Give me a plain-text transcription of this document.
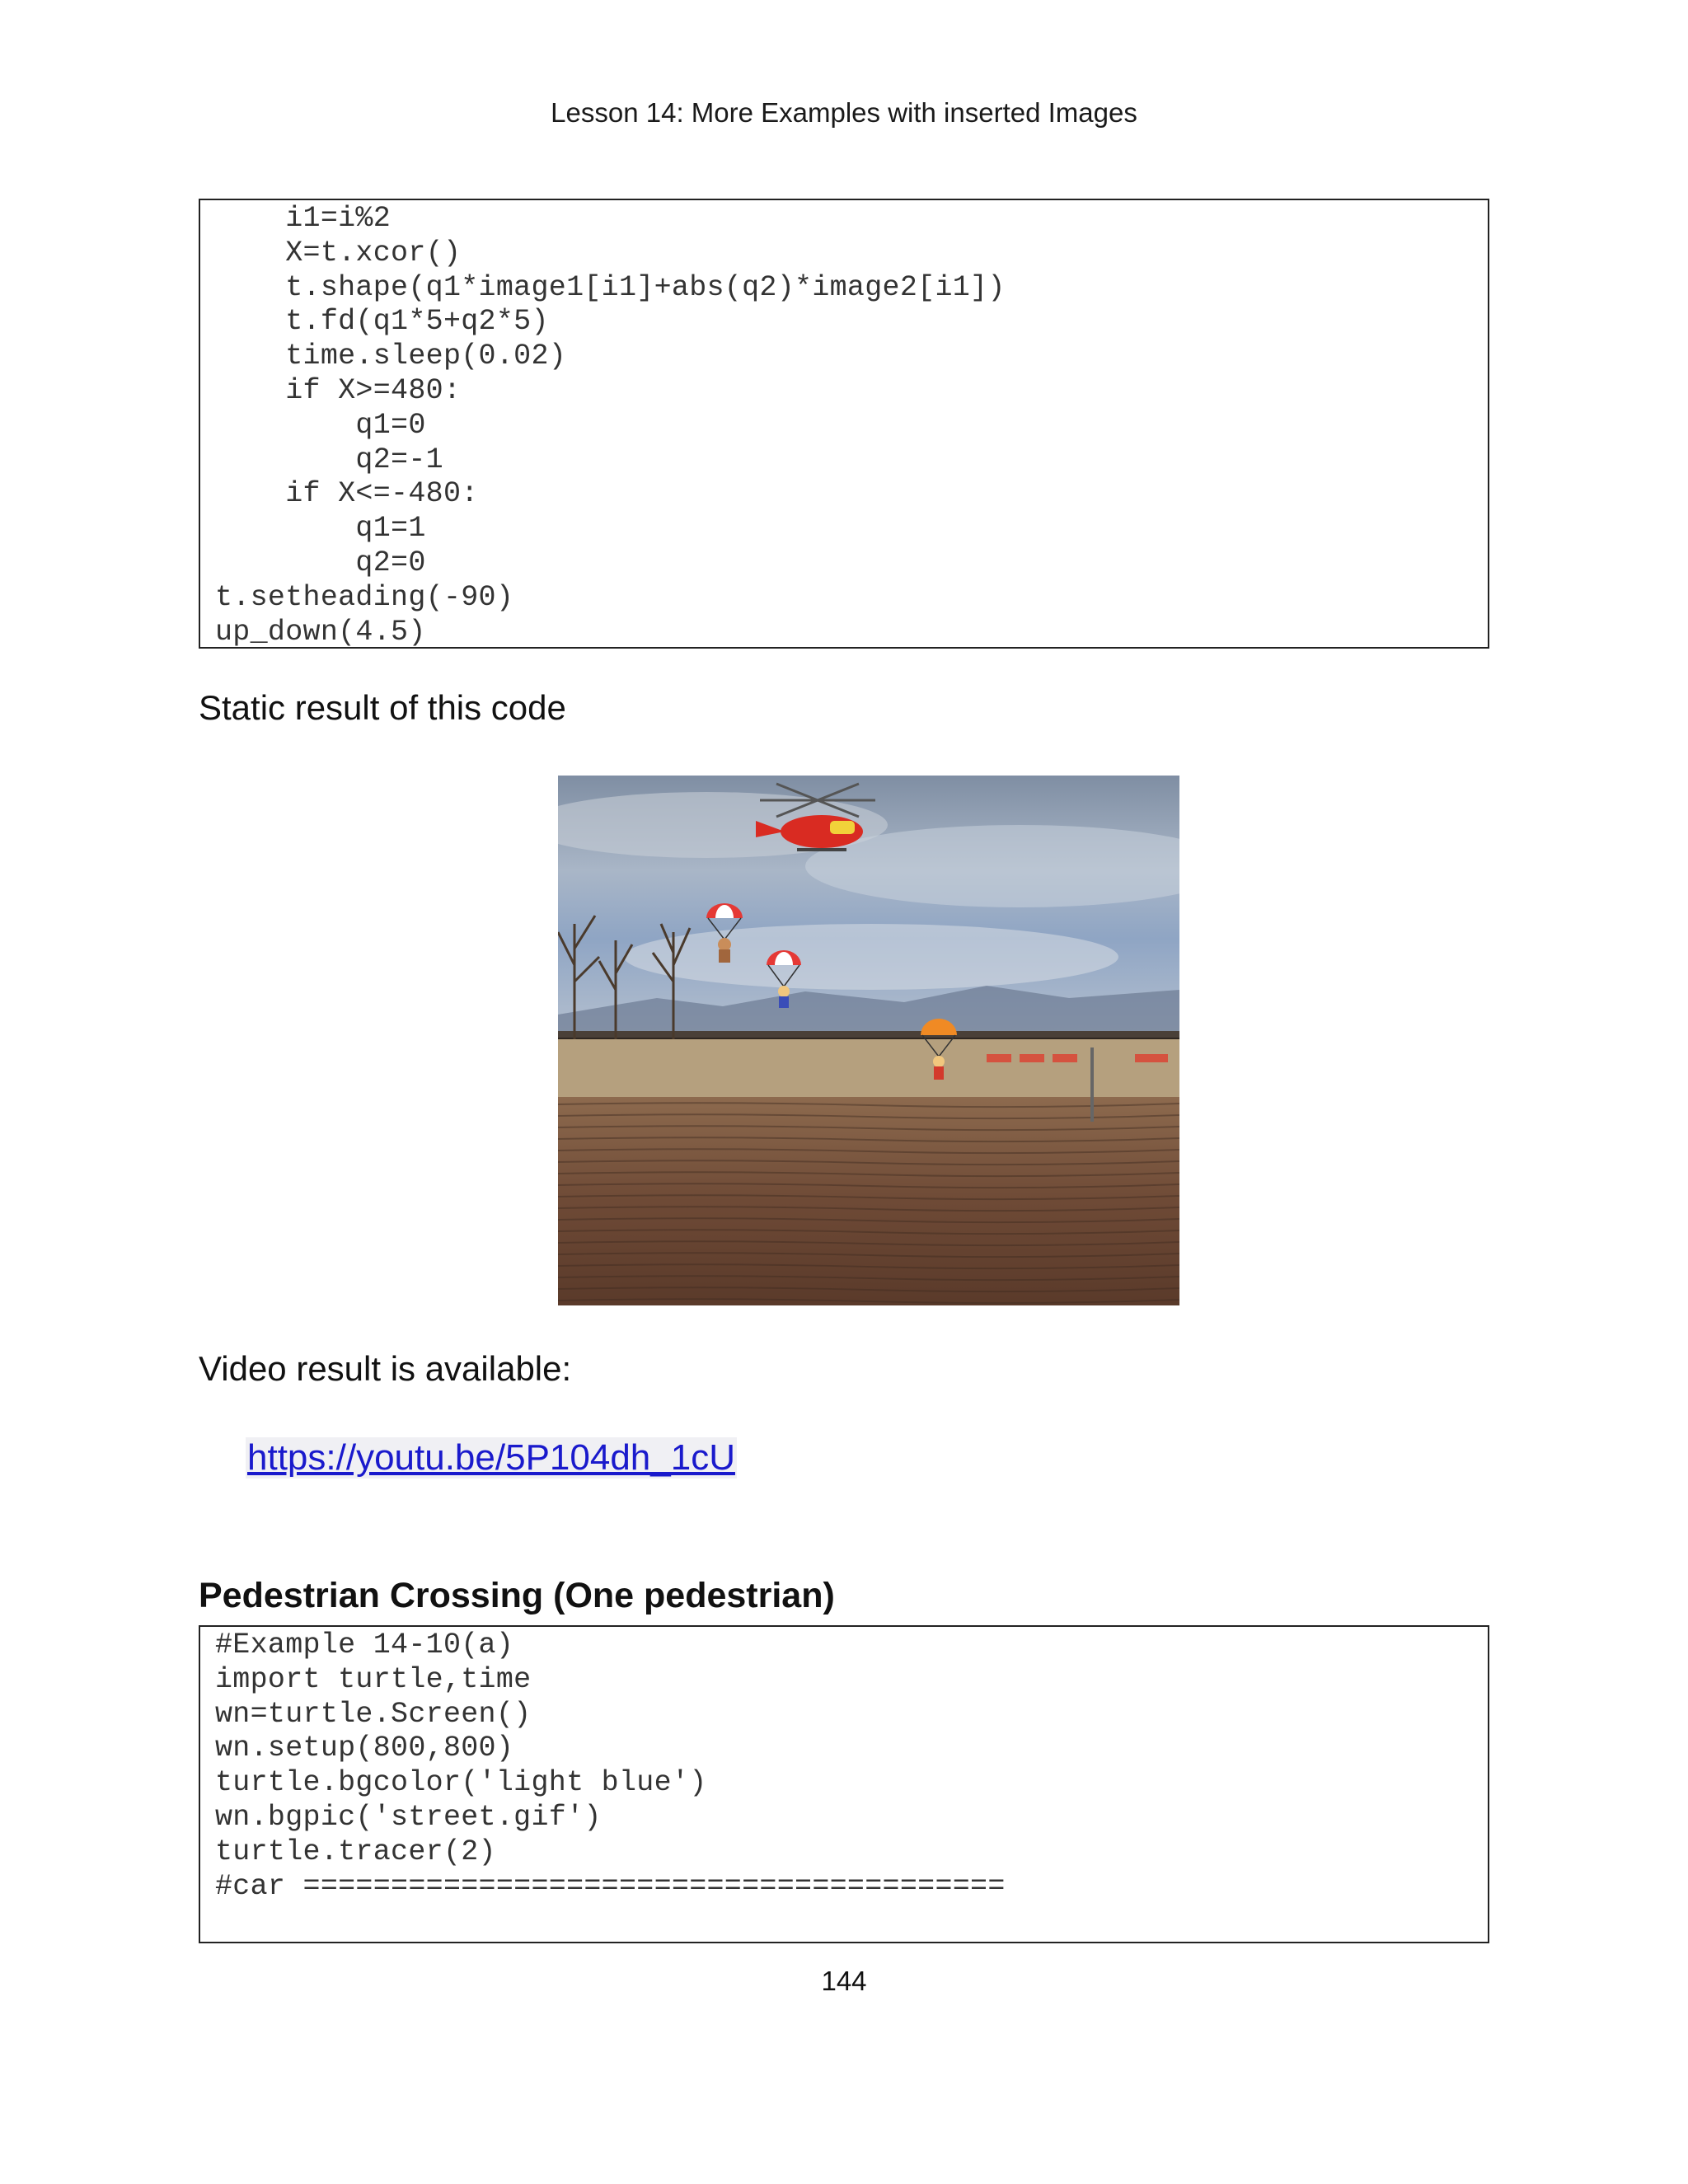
Lesson 14: More Examples with inserted Images
i1=i%2
X=t.xcor()
t.shape(q1*image1[i1]+abs(q2)*image2[i1])
t.fd(q1*5+q2*5)
time.sleep(0.02)
if X>=480:
q1=0
q2=-1
if X<=-480:
q1=1
q2=0
t.setheading(-90)
up_down(4.5)
Static result of this code
Video result is available:
https://youtu.be/5P104dh_1cU
Pedestrian Crossing (One pedestrian)
#Example 14-10(a)
import turtle,time
wn=turtle.Screen()
wn.setup(800,800)
turtle.bgcolor('light blue')
wn.bgpic('street.gif')
turtle.tracer(2)
#car ========================================
144
